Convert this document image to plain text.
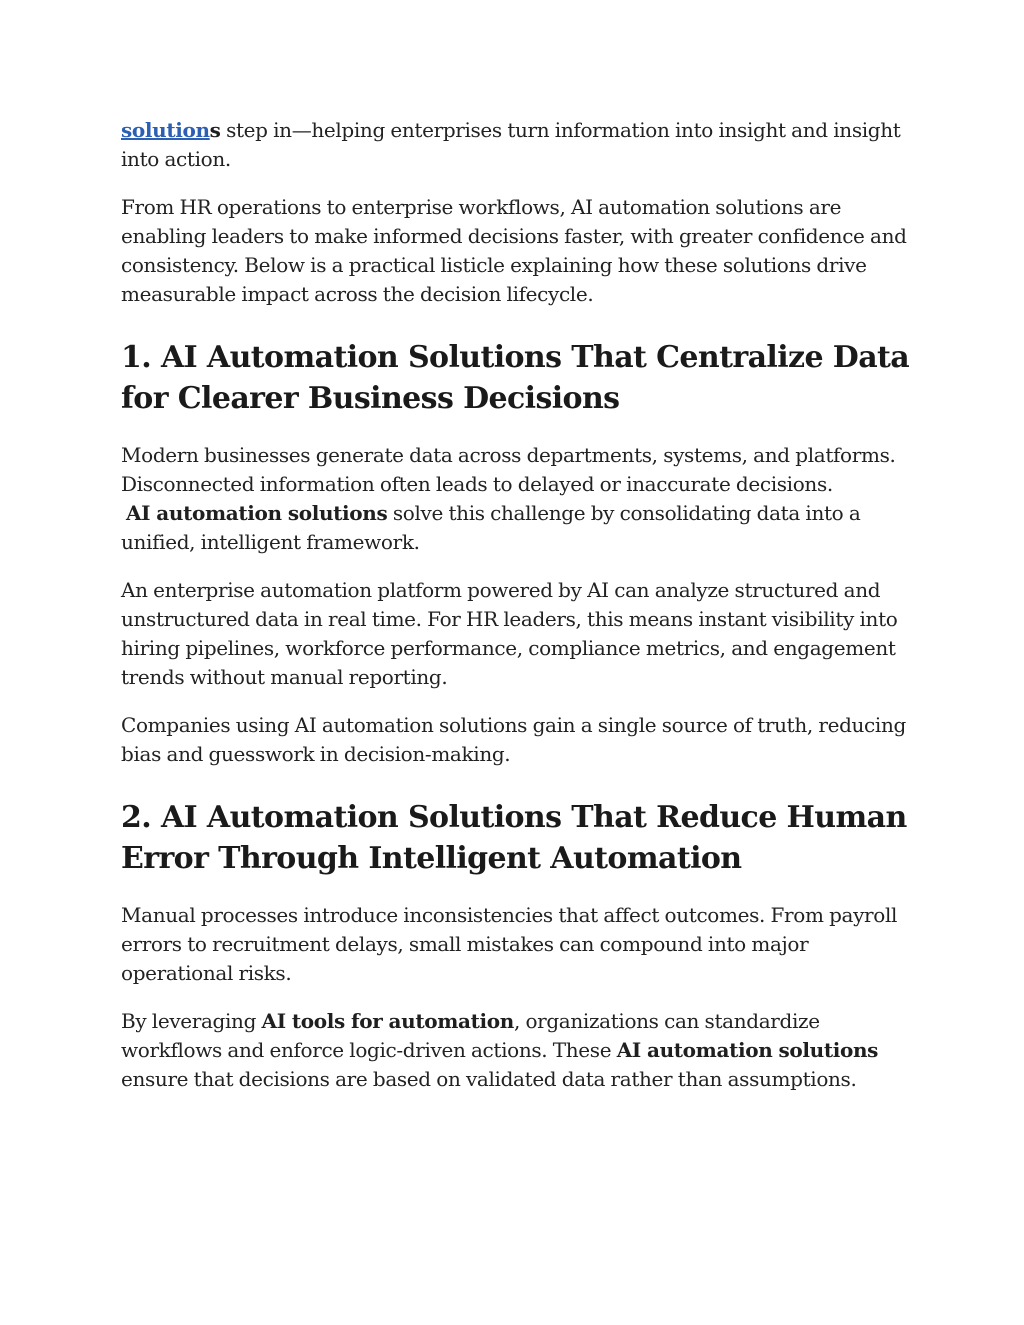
solutions step in—helping enterprises turn information into insight and insight into action.

From HR operations to enterprise workflows, AI automation solutions are enabling leaders to make informed decisions faster, with greater confidence and consistency. Below is a practical listicle explaining how these solutions drive measurable impact across the decision lifecycle.

1. AI Automation Solutions That Centralize Data for Clearer Business Decisions

Modern businesses generate data across departments, systems, and platforms. Disconnected information often leads to delayed or inaccurate decisions.
AI automation solutions solve this challenge by consolidating data into a unified, intelligent framework.

An enterprise automation platform powered by AI can analyze structured and unstructured data in real time. For HR leaders, this means instant visibility into hiring pipelines, workforce performance, compliance metrics, and engagement trends without manual reporting.

Companies using AI automation solutions gain a single source of truth, reducing bias and guesswork in decision-making.

2. AI Automation Solutions That Reduce Human Error Through Intelligent Automation

Manual processes introduce inconsistencies that affect outcomes. From payroll errors to recruitment delays, small mistakes can compound into major operational risks.

By leveraging AI tools for automation, organizations can standardize workflows and enforce logic-driven actions. These AI automation solutions ensure that decisions are based on validated data rather than assumptions.
